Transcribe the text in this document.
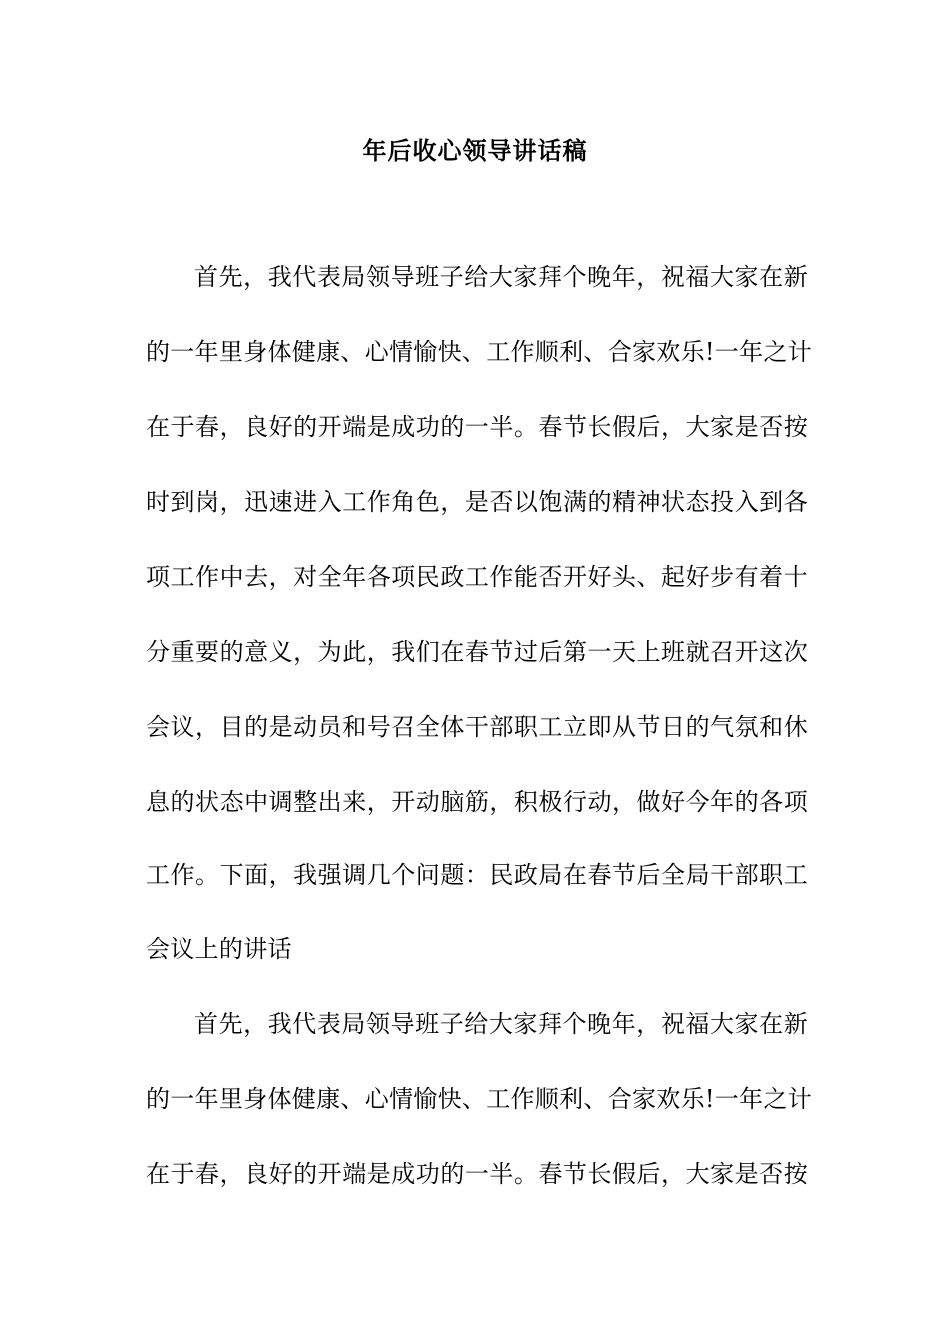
年后收心领导讲话稿

首先，我代表局领导班子给大家拜个晚年，祝福大家在新

的一年里身体健康、心情愉快、工作顺利、合家欢乐!一年之计

在于春，良好的开端是成功的一半。春节长假后，大家是否按

时到岗，迅速进入工作角色，是否以饱满的精神状态投入到各

项工作中去，对全年各项民政工作能否开好头、起好步有着十

分重要的意义，为此，我们在春节过后第一天上班就召开这次

会议，目的是动员和号召全体干部职工立即从节日的气氛和休

息的状态中调整出来，开动脑筋，积极行动，做好今年的各项

工作。下面，我强调几个问题：民政局在春节后全局干部职工

会议上的讲话

首先，我代表局领导班子给大家拜个晚年，祝福大家在新

的一年里身体健康、心情愉快、工作顺利、合家欢乐!一年之计

在于春，良好的开端是成功的一半。春节长假后，大家是否按
